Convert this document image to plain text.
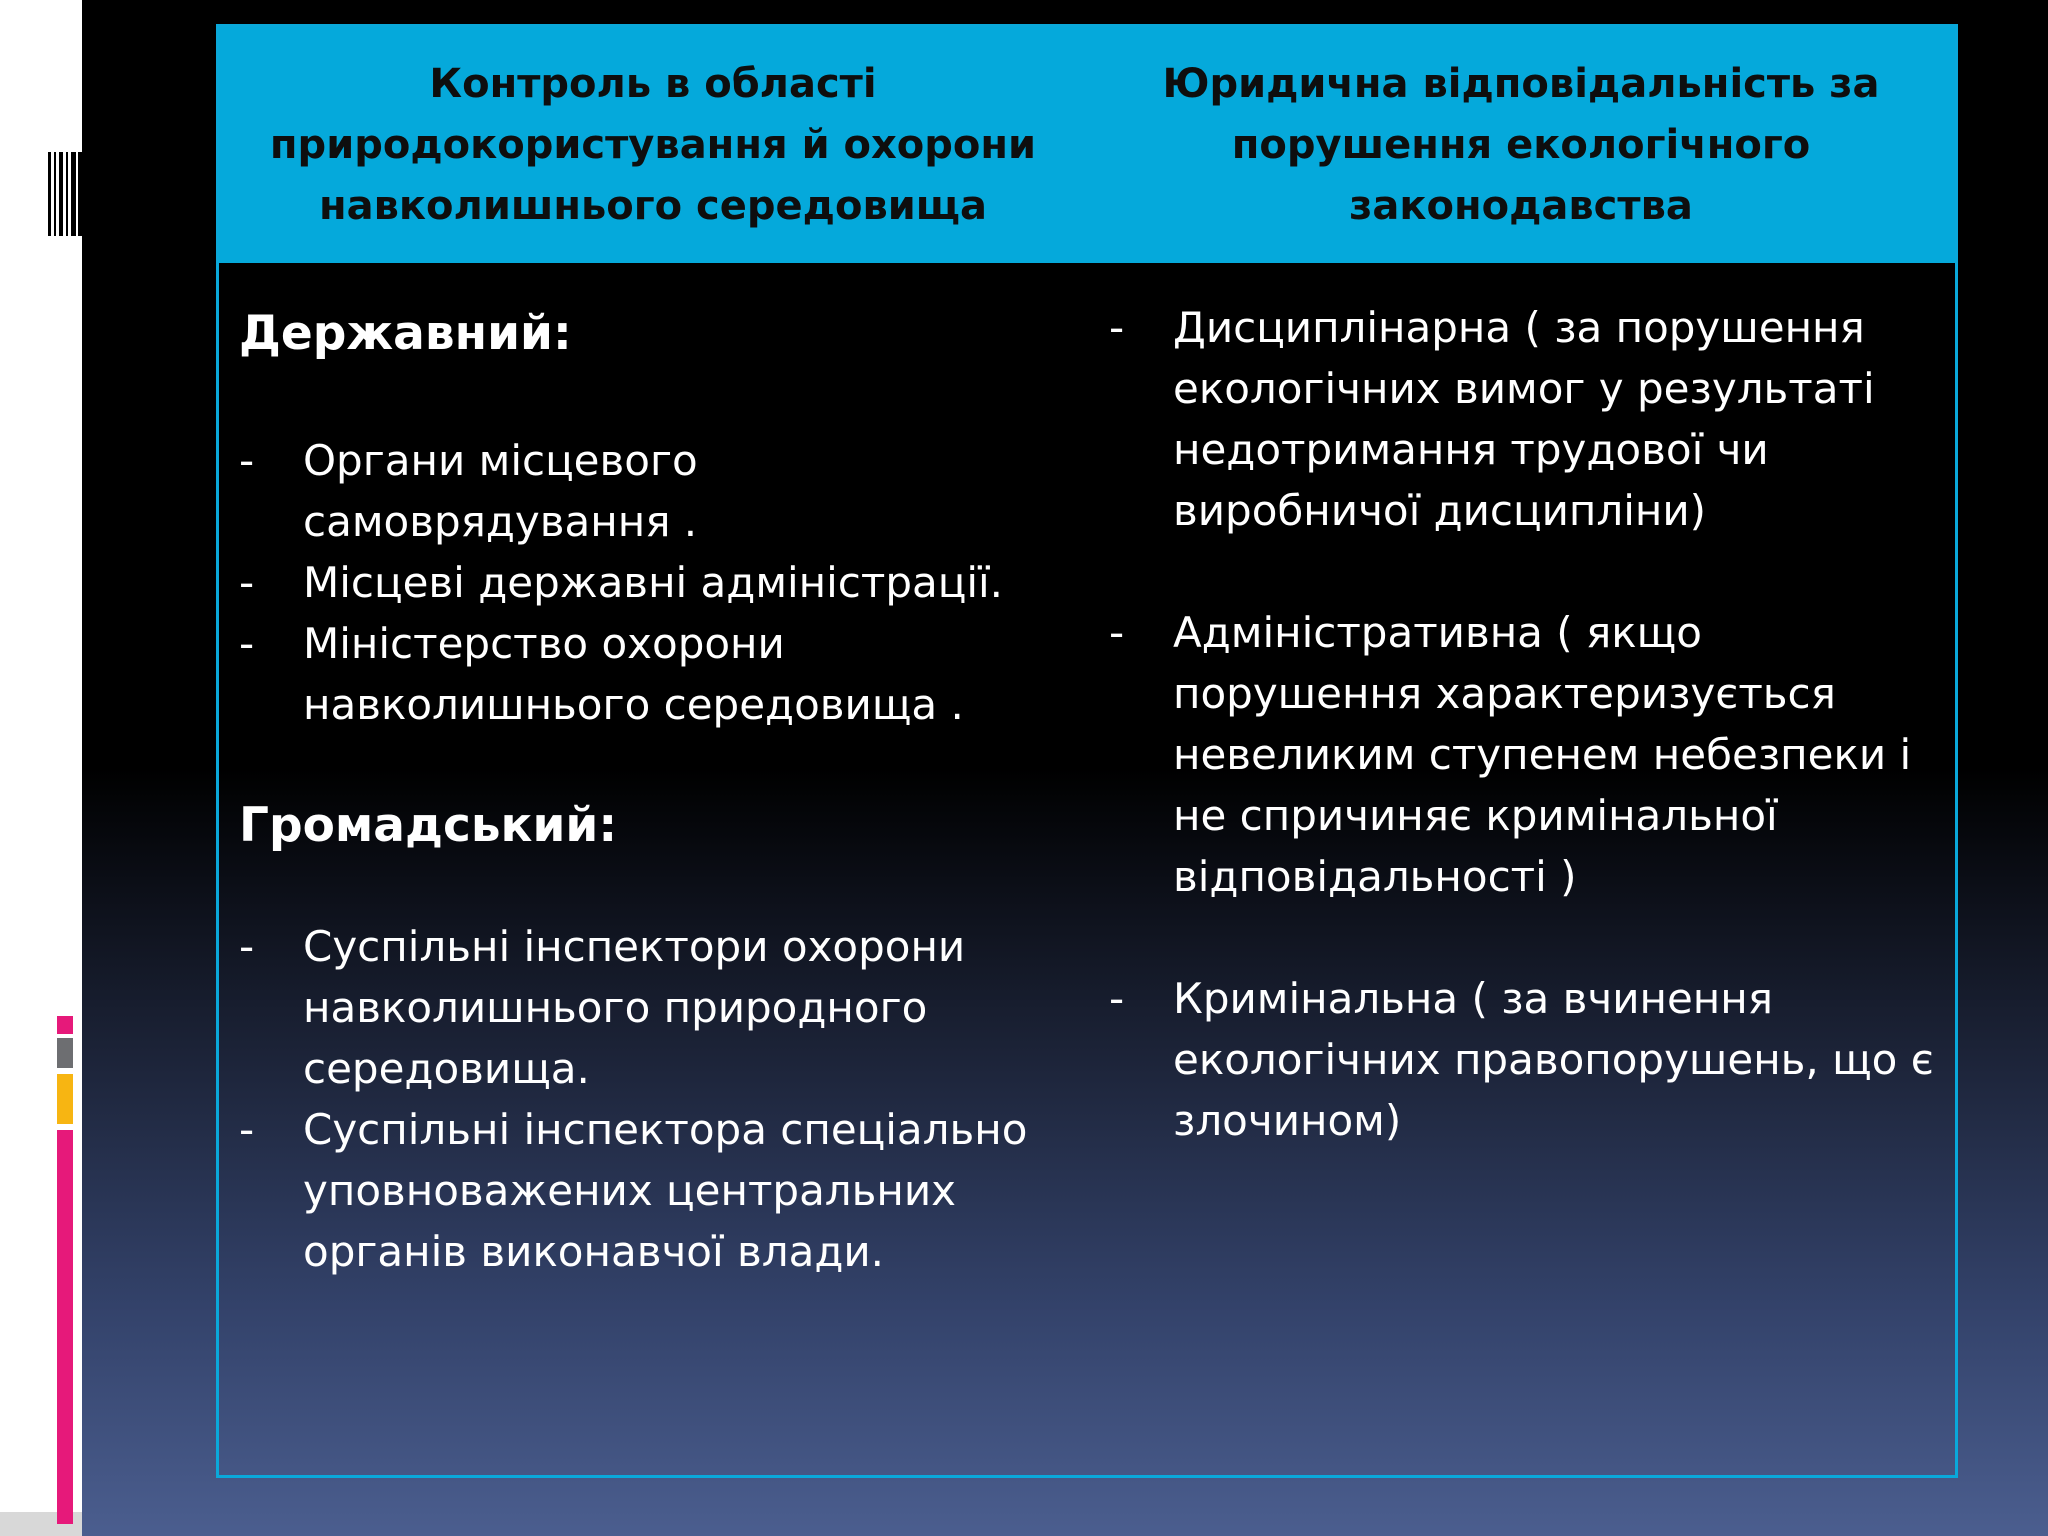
Контроль в області
природокористування й охорони
навколишнього середовища
Юридична відповідальність за
порушення екологічного
законодавства
Державний:
- Органи місцевого самоврядування .
- Місцеві державні адміністрації.
- Міністерство охорони навколишнього середовища .
Громадський:
- Суспільні інспектори охорони навколишнього природного середовища.
- Суспільні інспектора спеціально уповноважених центральних органів виконавчої влади.
- Дисциплінарна ( за порушення екологічних вимог у результаті недотримання трудової чи виробничої дисципліни)
- Адміністративна ( якщо порушення характеризується невеликим ступенем небезпеки і не спричиняє кримінальної відповідальності )
- Кримінальна ( за вчинення екологічних правопорушень, що є злочином)
